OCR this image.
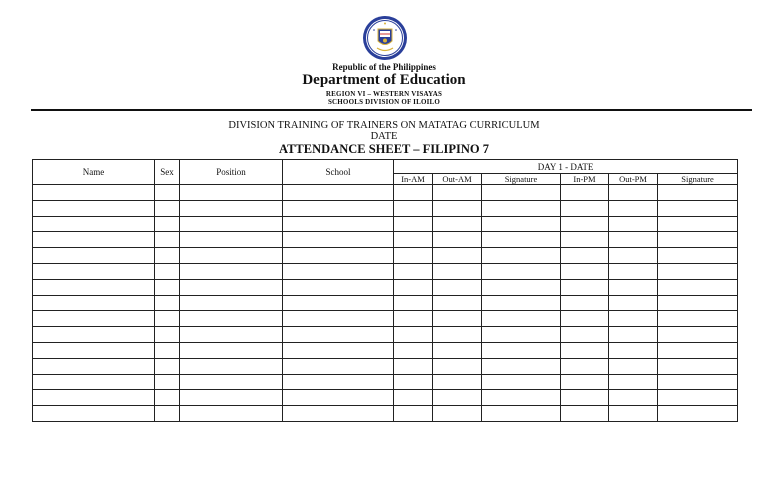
Republic of the Philippines
Department of Education
REGION VI – WESTERN VISAYAS
SCHOOLS DIVISION OF ILOILO
DIVISION TRAINING OF TRAINERS ON MATATAG CURRICULUM
DATE
ATTENDANCE SHEET – FILIPINO 7
Name	Sex	Position	School	DAY 1 - DATE					
				In-AM	Out-AM	Signature	In-PM	Out-PM	Signature
